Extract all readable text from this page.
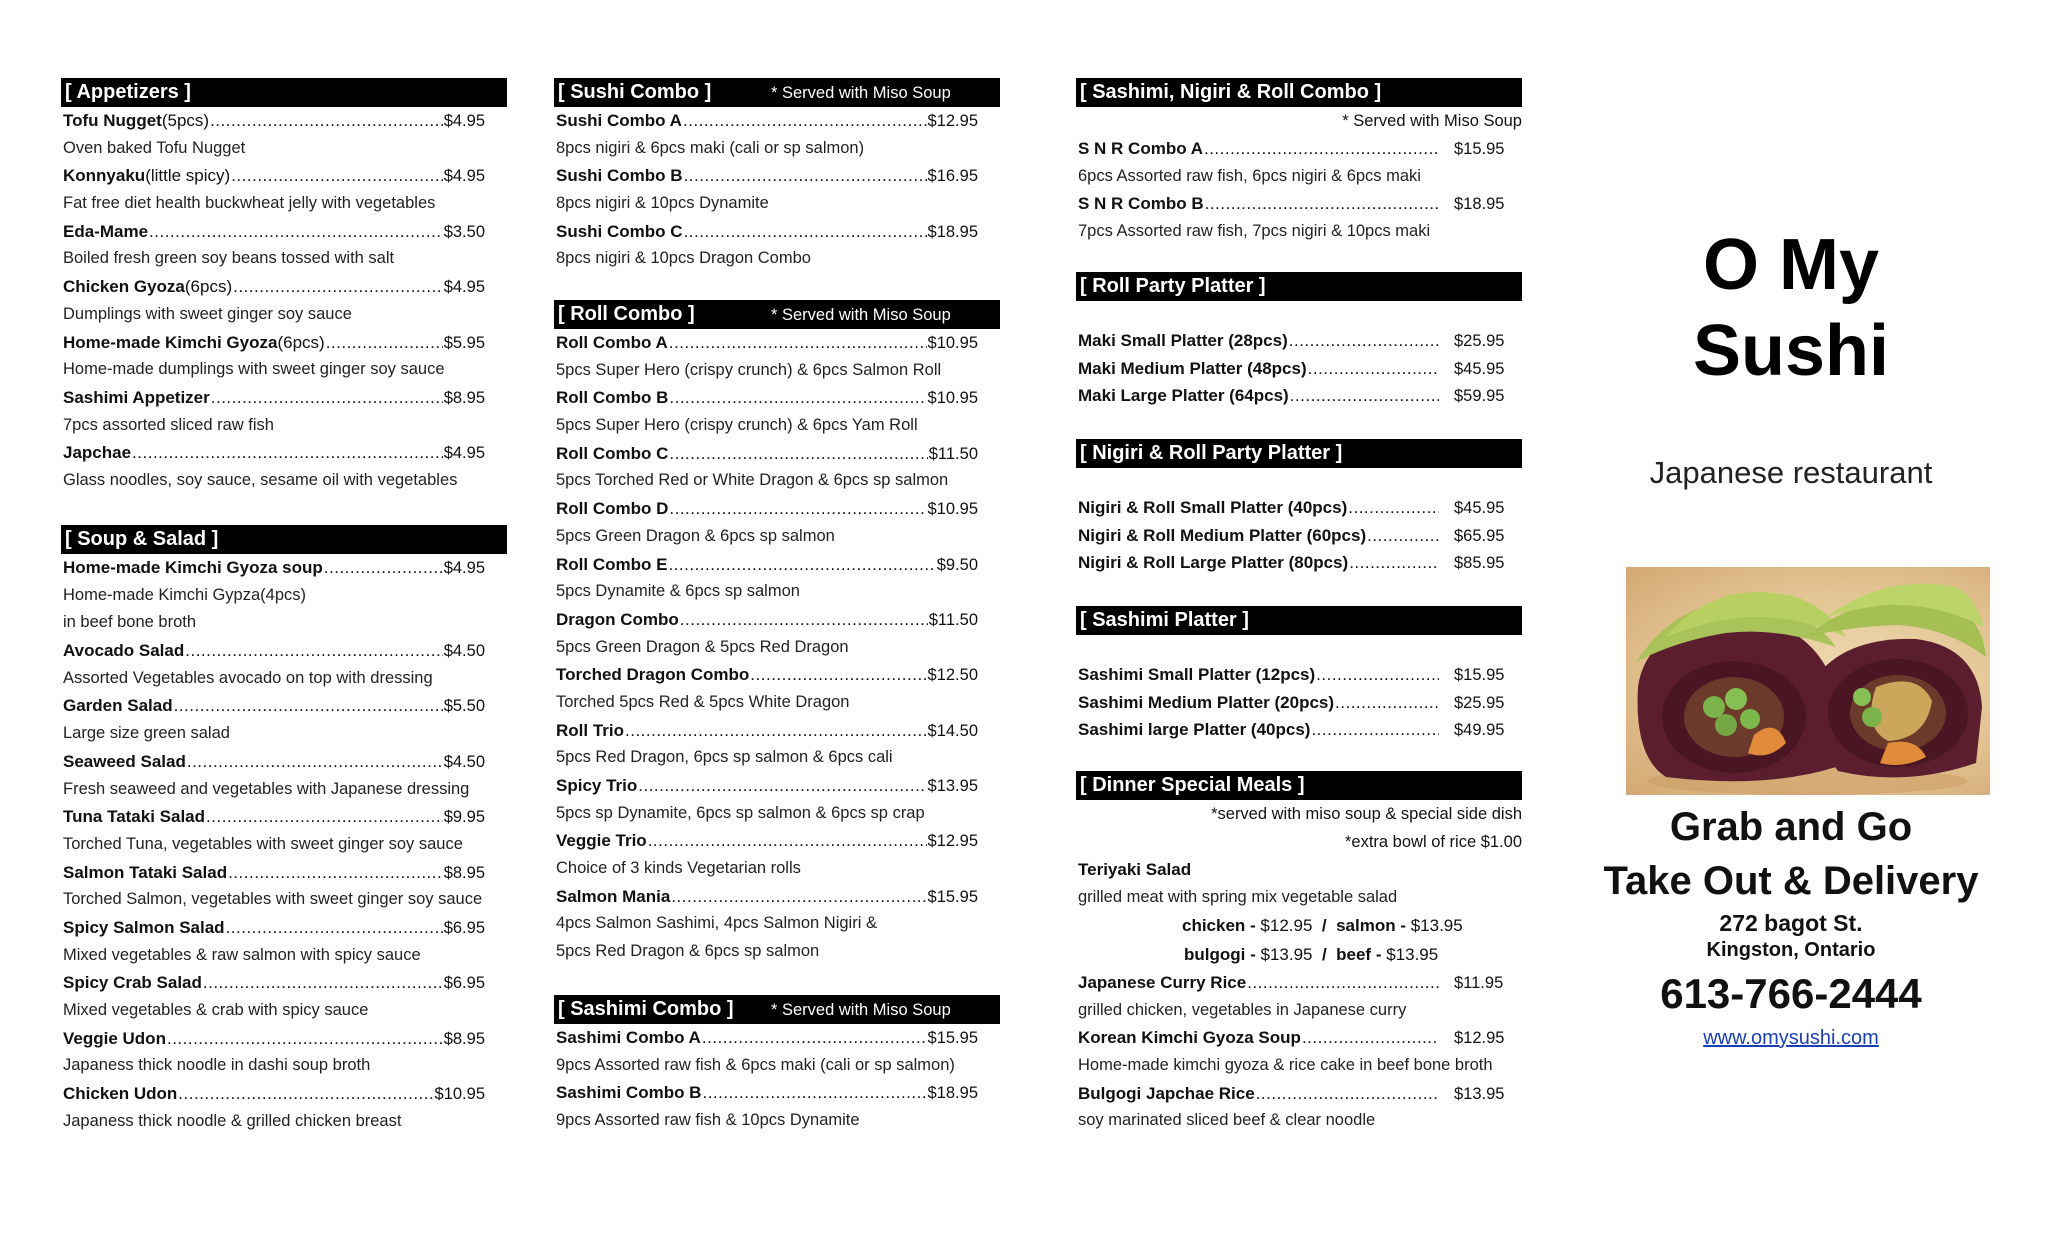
[ Appetizers ]
Tofu Nugget (5pcs) .....	$4.95
Oven baked Tofu Nugget
Konnyaku (little spicy) .....	$4.95
Fat free diet health buckwheat jelly with vegetables
Eda-Mame .....	$3.50
Boiled fresh green soy beans tossed with salt
Chicken Gyoza (6pcs) .....	$4.95
Dumplings with sweet ginger soy sauce
Home-made Kimchi Gyoza (6pcs) .....	$5.95
Home-made dumplings with sweet ginger soy sauce
Sashimi Appetizer .....	$8.95
7pcs assorted sliced raw fish
Japchae .....	$4.95
Glass noodles, soy sauce, sesame oil with vegetables
[ Soup & Salad ]
Home-made Kimchi Gyoza soup .....	$4.95
Home-made Kimchi Gypza(4pcs)
in beef bone broth
Avocado Salad .....	$4.50
Assorted Vegetables avocado on top with dressing
Garden Salad .....	$5.50
Large size green salad
Seaweed Salad .....	$4.50
Fresh seaweed and vegetables with Japanese dressing
Tuna Tataki Salad .....	$9.95
Torched Tuna, vegetables with sweet ginger soy sauce
Salmon Tataki Salad .....	$8.95
Torched Salmon, vegetables with sweet ginger soy sauce
Spicy Salmon Salad .....	$6.95
Mixed vegetables & raw salmon with spicy sauce
Spicy Crab Salad .....	$6.95
Mixed vegetables & crab with spicy sauce
Veggie Udon .....	$8.95
Japaness thick noodle in dashi soup broth
Chicken Udon .....	$10.95
Japaness thick noodle & grilled chicken breast
[ Sushi Combo ]	* Served with Miso Soup
Sushi Combo A .....	$12.95
8pcs nigiri & 6pcs maki (cali or sp salmon)
Sushi Combo B .....	$16.95
8pcs nigiri & 10pcs Dynamite
Sushi Combo C .....	$18.95
8pcs nigiri & 10pcs Dragon Combo
[ Roll Combo ]	* Served with Miso Soup
Roll Combo A .....	$10.95
5pcs Super Hero (crispy crunch) & 6pcs Salmon Roll
Roll Combo B .....	$10.95
5pcs Super Hero (crispy crunch) & 6pcs Yam Roll
Roll Combo C .....	$11.50
5pcs Torched Red or White Dragon & 6pcs sp salmon
Roll Combo D .....	$10.95
5pcs Green Dragon & 6pcs sp salmon
Roll Combo E .....	$9.50
5pcs Dynamite & 6pcs sp salmon
Dragon Combo .....	$11.50
5pcs Green Dragon & 5pcs Red Dragon
Torched Dragon Combo .....	$12.50
Torched 5pcs Red & 5pcs White Dragon
Roll Trio .....	$14.50
5pcs Red Dragon, 6pcs sp salmon & 6pcs cali
Spicy Trio .....	$13.95
5pcs sp Dynamite, 6pcs sp salmon & 6pcs sp crap
Veggie Trio .....	$12.95
Choice of 3 kinds Vegetarian rolls
Salmon Mania .....	$15.95
4pcs Salmon Sashimi, 4pcs Salmon Nigiri &
5pcs Red Dragon & 6pcs sp salmon
[ Sashimi Combo ] * Served with Miso Soup
Sashimi Combo A .....	$15.95
9pcs Assorted raw fish & 6pcs maki (cali or sp salmon)
Sashimi Combo B .....	$18.95
9pcs Assorted raw fish & 10pcs Dynamite
[ Sashimi, Nigiri & Roll Combo ]
* Served with Miso Soup
S N R Combo A .....	$15.95
6pcs Assorted raw fish, 6pcs nigiri & 6pcs maki
S N R Combo B .....	$18.95
7pcs Assorted raw fish, 7pcs nigiri & 10pcs maki
[ Roll Party Platter ]
Maki Small Platter (28pcs) .....	$25.95
Maki Medium Platter (48pcs) .....	$45.95
Maki Large Platter (64pcs) .....	$59.95
[ Nigiri & Roll Party Platter ]
Nigiri & Roll Small Platter (40pcs) .....	$45.95
Nigiri & Roll Medium Platter (60pcs) .....	$65.95
Nigiri & Roll Large Platter (80pcs) .....	$85.95
[ Sashimi Platter ]
Sashimi Small Platter (12pcs) .....	$15.95
Sashimi Medium Platter (20pcs) .....	$25.95
Sashimi large Platter (40pcs) .....	$49.95
[ Dinner Special Meals ]
*served with miso soup & special side dish
*extra bowl of rice $1.00
Teriyaki Salad
grilled meat with spring mix vegetable salad
chicken - $12.95 / salmon - $13.95
bulgogi - $13.95 / beef - $13.95
Japanese Curry Rice .....	$11.95
grilled chicken, vegetables in Japanese curry
Korean Kimchi Gyoza Soup .....	$12.95
Home-made kimchi gyoza & rice cake in beef bone broth
Bulgogi Japchae Rice .....	$13.95
soy marinated sliced beef & clear noodle
O My
Sushi
Japanese restaurant
Grab and Go
Take Out & Delivery
272 bagot St.
Kingston, Ontario
613-766-2444
www.omysushi.com
